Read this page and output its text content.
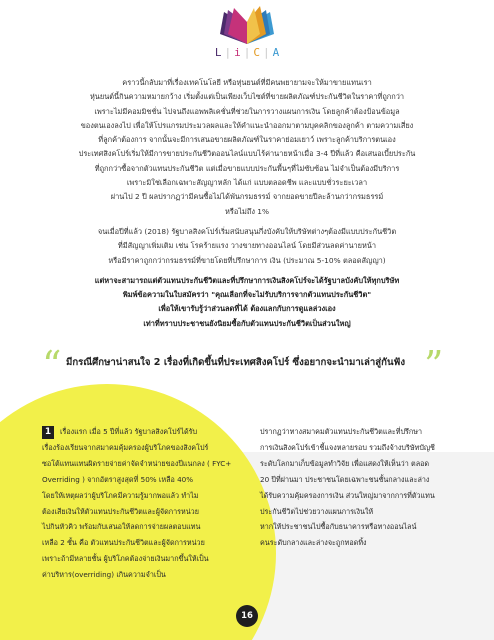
L | i | C | A

คราวนี้กลับมาที่เรื่องเทคโนโลยี หรือหุ่นยนต์ที่มีคนพยายามจะให้มาขายแทนเรา
หุ่นยนต์นี้กินความหมายกว้าง เริ่มตั้งแต่เป็นเพียงเว็บไซต์ที่ขายผลิตภัณฑ์ประกันชีวิตในราคาที่ถูกกว่า
เพราะไม่มีคอมมิชชั่น ไปจนถึงแอพพลิเคชั่นที่ช่วยในการวางแผนการเงิน โดยลูกค้าต้องป้อนข้อมูล
ของตนเองลงไป เพื่อให้โปรแกรมประมวลผลและให้คำแนะนำออกมาตามบุคคลิกของลูกค้า ตามความเสี่ยง
ที่ลูกค้าต้องการ จากนั้นจะมีการเสนอขายผลิตภัณฑ์ในราคาย่อมเยาว์ เพราะลูกค้าบริการตนเอง
ประเทศสิงคโปร์เริ่มให้มีการขายประกันชีวิตออนไลน์แบบไร้ค่านายหน้าเมื่อ 3-4 ปีที่แล้ว คือเสนอเบี้ยประกัน
ที่ถูกกว่าซื้อจากตัวแทนประกันชีวิต แต่เมื่อขายแบบประกันพื้นๆที่ไม่ซับซ้อน ไม่จำเป็นต้องมีบริการ
เพราะมิใช่เลือกเฉพาะสัญญาหลัก ได้แก่ แบบตลอดชีพ และแบบชั่วระยะเวลา
ผ่านไป 2 ปี ผลปรากฏว่ามีคนซื้อไม่ได้พันกรมธรรม์ จากยอดขายปีละล้านกว่ากรมธรรม์
หรือไม่ถึง 1%

จนเมื่อปีที่แล้ว (2018) รัฐบาลสิงคโปร์เริ่มสนับสนุนกึ่งบังคับให้บริษัทต่างๆต้องมีแบบประกันชีวิต
ที่มีสัญญาเพิ่มเติม เช่น โรคร้ายแรง วางขายทางออนไลน์ โดยมีส่วนลดค่านายหน้า
หรือมีราคาถูกกว่ากรมธรรม์ที่ขายโดยที่ปรึกษาการ เงิน (ประมาณ 5-10% ตลอดสัญญา)

แต่หาจะสามารถแต่ตัวแทนประกันชีวิตและที่ปรึกษาการเงินสิงคโปร์จะได้รัฐบาลบังคับให้ทุกบริษัท
พิมพ์ข้อความในใบสมัครว่า "คุณเลือกที่จะไม่รับบริการจากตัวแทนประกันชีวิต"
เพื่อให้เขารับรู้ว่าส่วนลดที่ได้ ต้องแลกกับการดูแลล่วงเอง
เท่าที่ทราบประชาชนยังนิยมซื้อกับตัวแทนประกันชีวิตเป็นส่วนใหญ่

“ มีกรณีศึกษาน่าสนใจ 2 เรื่องที่เกิดขึ้นที่ประเทศสิงคโปร์ ซึ่งอยากจะนำมาเล่าสู่กันฟัง ”
1 เรื่องแรก เมื่อ 5 ปีที่แล้ว รัฐบาลสิงคโปร์ได้รับ
เรื่องร้องเรียนจากสมาคมคุ้มครองผู้บริโภคของสิงคโปร์
ซอโต้แทนแทนผิดรายจ่ายค่าจัดจำหน่ายของปีแนกลง ( FYC+
Overriding ) จากอัตราสูงสุดที่ 50% เหลือ 40%
โดยให้เหตุผลว่าผู้บริโภคมีความรู้มากพอแล้ว ทำไม
ต้องเสียเงินให้ตัวแทนประกันชีวิตและผู้จัดการหน่วย
ไปกินหัวคิว พร้อมกับเสนอให้ลดการจ่ายผลตอบแทน
เหลือ 2 ชั้น คือ ตัวแทนประกันชีวิตและผู้จัดการหน่วย
เพราะถ้ามีหลายชั้น ผู้บริโภคต้องจ่ายเงินมากขึ้นให้เป็น
ค่าบริหาร(overriding) เกินความจำเป็น
ปรากฏว่าทางสมาคมตัวแทนประกันชีวิตและที่ปรึกษา
การเงินสิงคโปร์เข้าชี้แจงหลายรอบ รวมถึงจ้างบริษัทบัญชี
ระดับโลกมาเก็บข้อมูลทำวิจัย เพื่อแสดงให้เห็นว่า ตลอด
20 ปีที่ผ่านมา ประชาชนโดยเฉพาะชนชั้นกลางและล่าง
ได้รับความคุ้มครองการเงิน ส่วนใหญ่มาจากการที่ตัวแทน
ประกันชีวิตไปช่วยวางแผนการเงินให้
หากให้ประชาชนไปซื้อกับธนาคารหรือทางออนไลน์
คนระดับกลางและล่างจะถูกทอดทิ้ง
16
